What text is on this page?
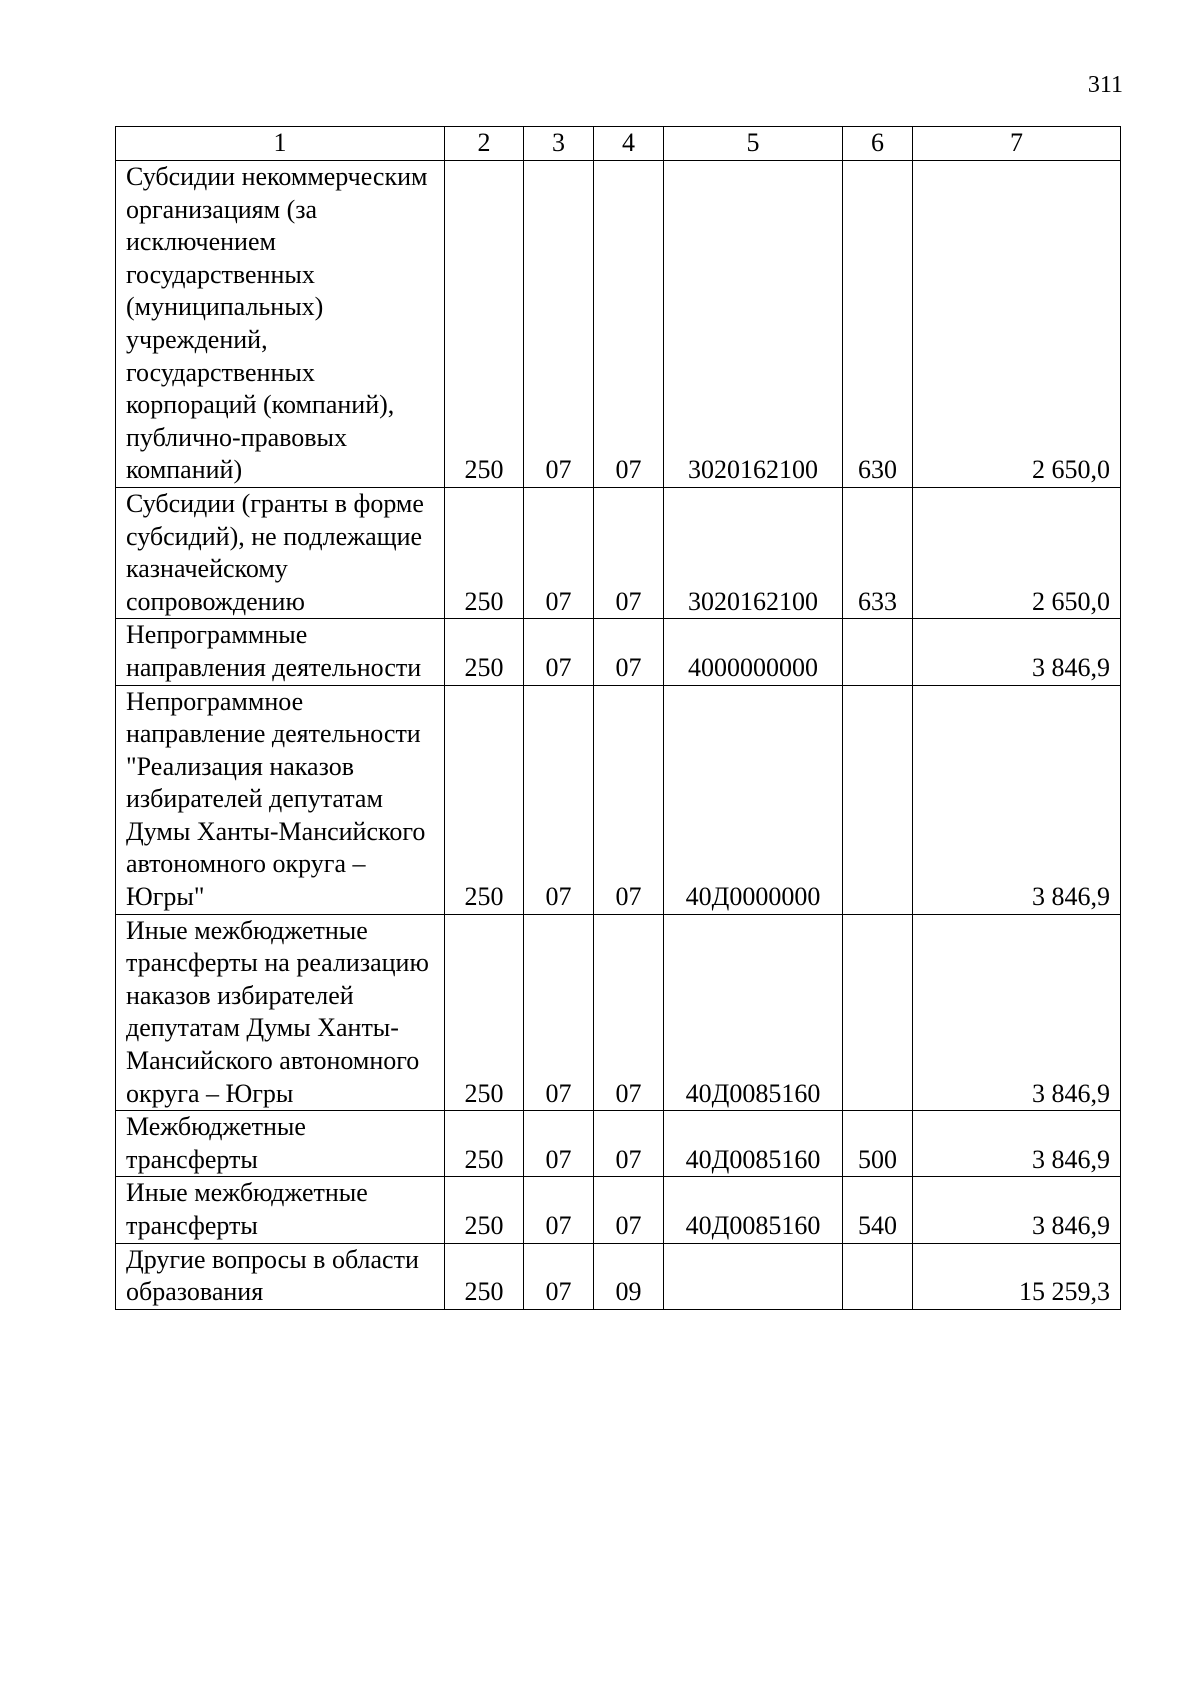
311
1	2	3	4	5	6	7
Субсидии некоммерческим организациям (за исключением государственных (муниципальных) учреждений, государственных корпораций (компаний), публично-правовых компаний)	250	07	07	3020162100	630	2 650,0
Субсидии (гранты в форме субсидий), не подлежащие казначейскому сопровождению	250	07	07	3020162100	633	2 650,0
Непрограммные направления деятельности	250	07	07	4000000000		3 846,9
Непрограммное направление деятельности "Реализация наказов избирателей депутатам Думы Ханты-Мансийского автономного округа – Югры"	250	07	07	40Д0000000		3 846,9
Иные межбюджетные трансферты на реализацию наказов избирателей депутатам Думы Ханты-Мансийского автономного округа – Югры	250	07	07	40Д0085160		3 846,9
Межбюджетные трансферты	250	07	07	40Д0085160	500	3 846,9
Иные межбюджетные трансферты	250	07	07	40Д0085160	540	3 846,9
Другие вопросы в области образования	250	07	09			15 259,3
